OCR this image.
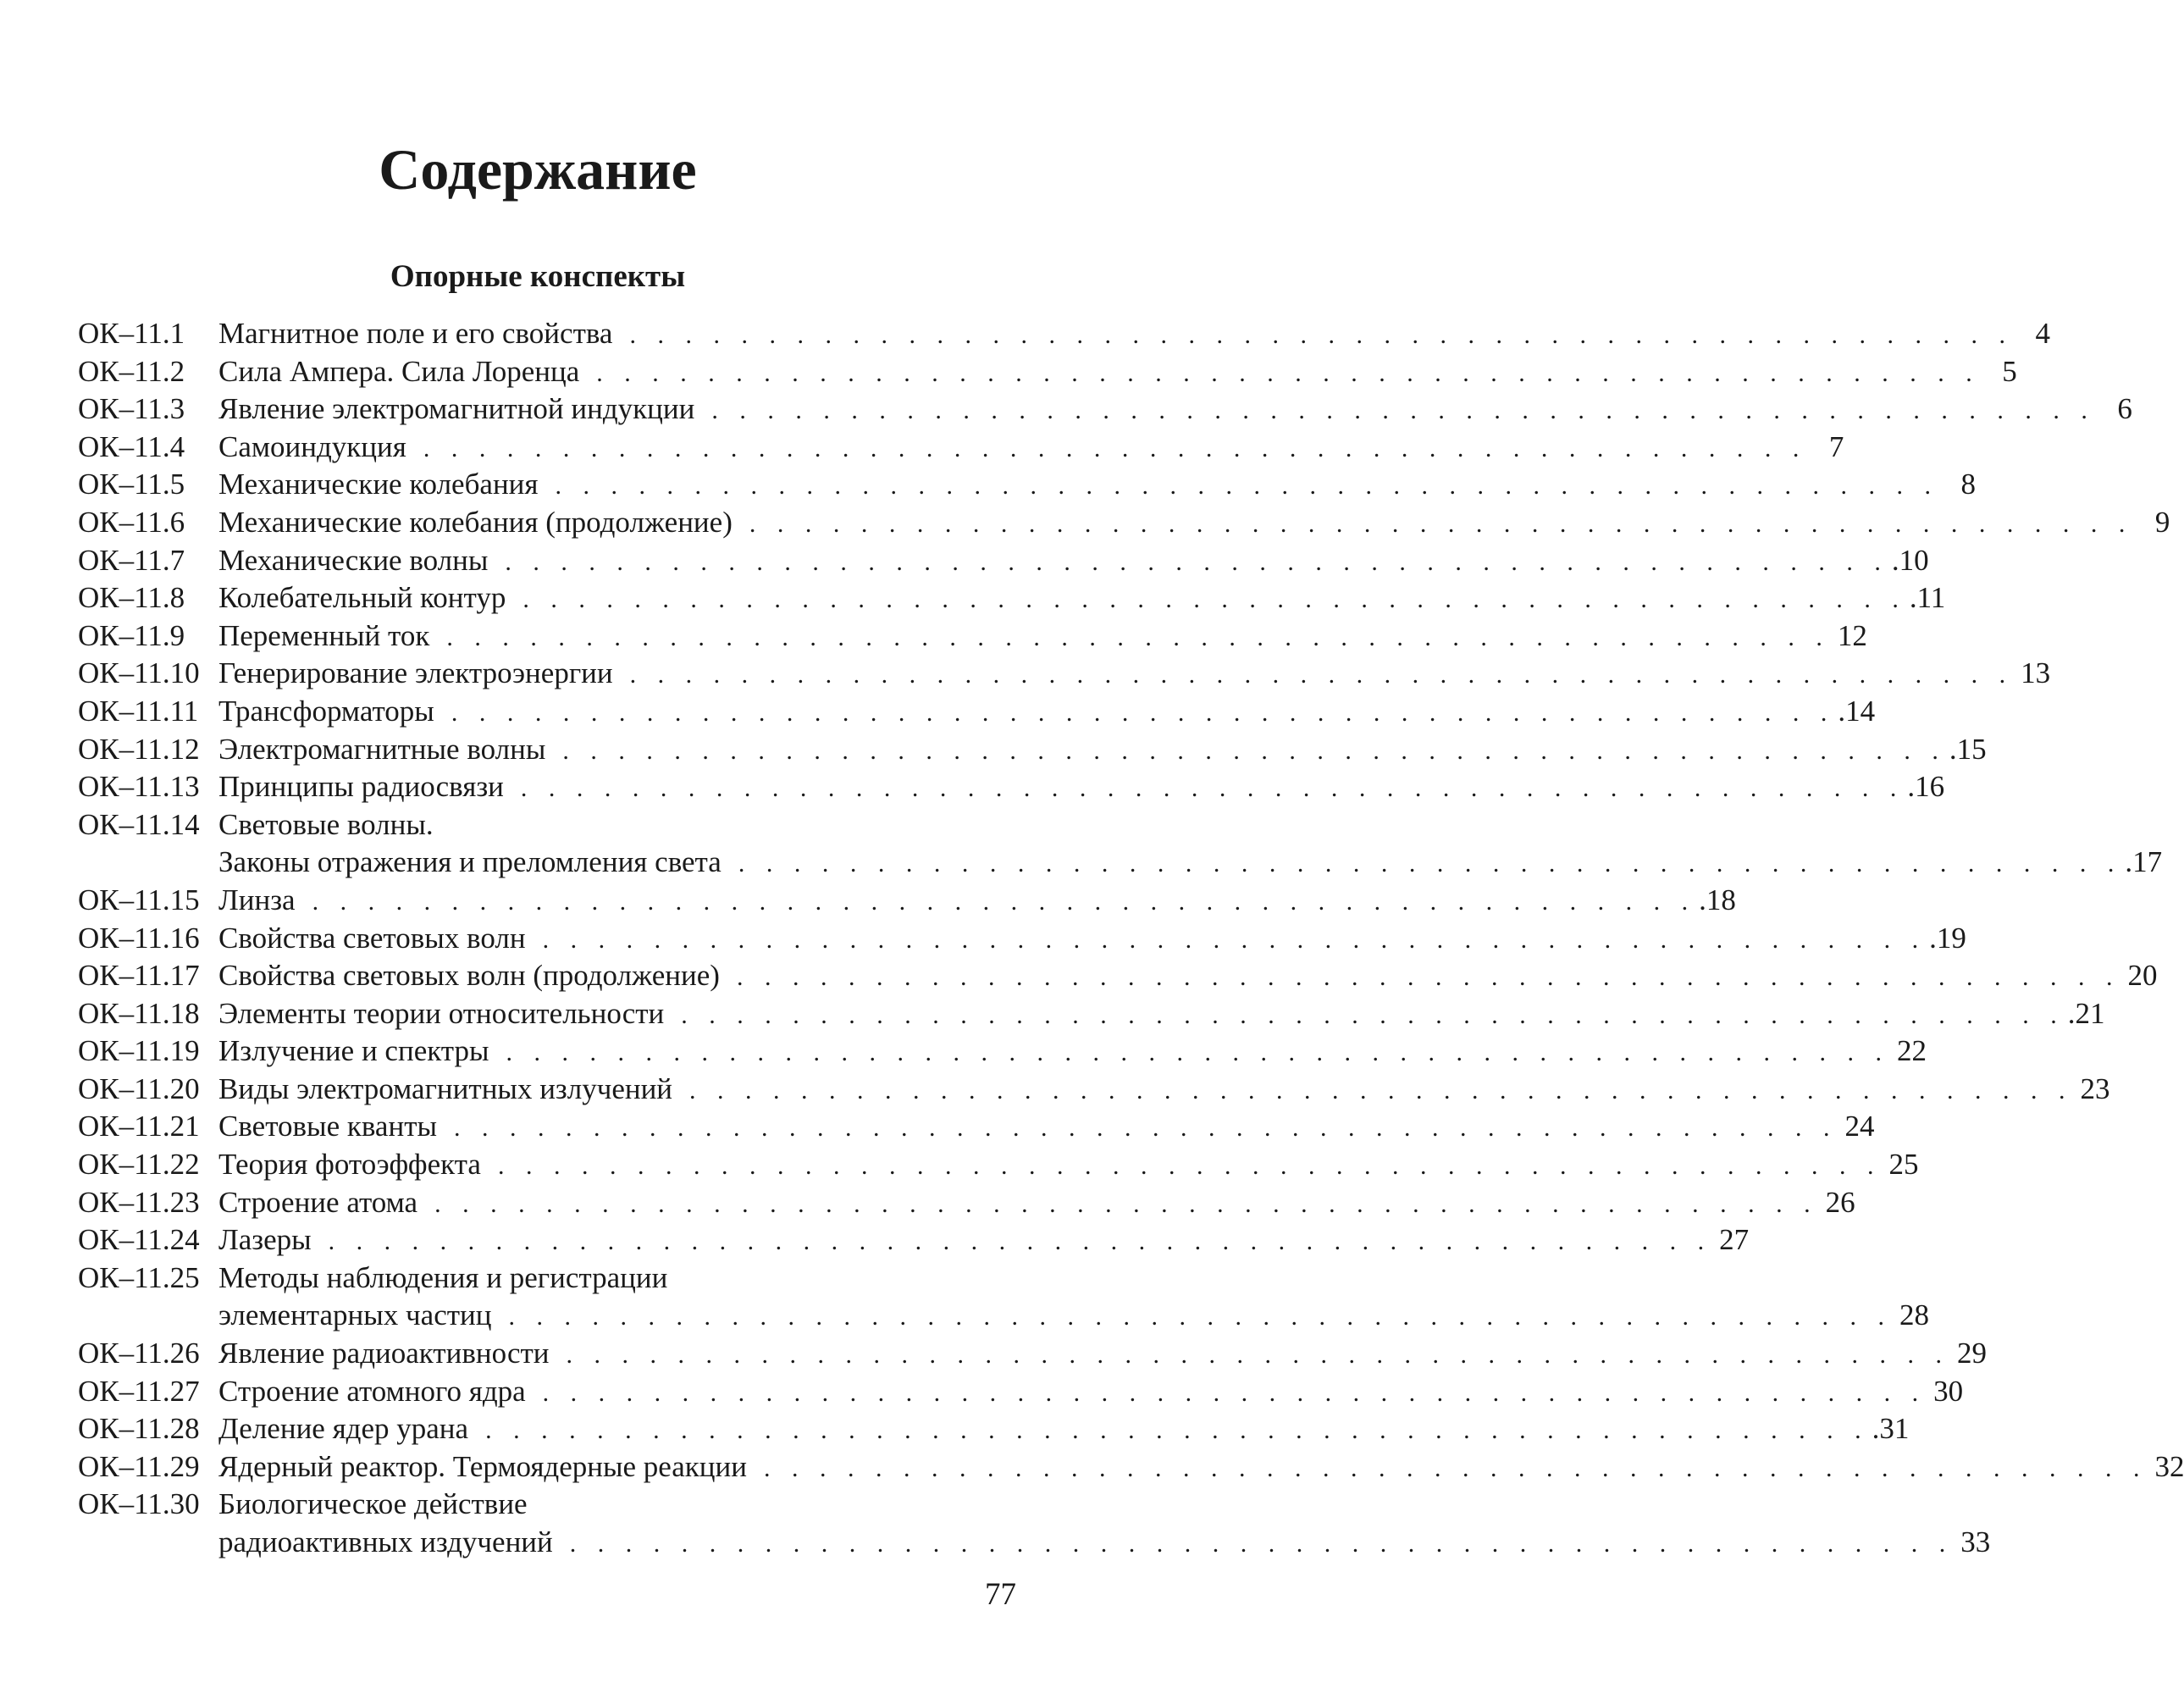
Содержание
Опорные конспекты
ОК–11.1	Магнитное поле и его свойства . . . . . . . . . . . . . . . . . . . . . . . . . . . . . . . . . . . . . . . . . . . . . . . . . . 4
ОК–11.2	Сила Ампера. Сила Лоренца . . . . . . . . . . . . . . . . . . . . . . . . . . . . . . . . . . . . . . . . . . . . . . . . . . 5
ОК–11.3	Явление электромагнитной индукции . . . . . . . . . . . . . . . . . . . . . . . . . . . . . . . . . . . . . . . . . . . . . . . . . . 6
ОК–11.4	Самоиндукция . . . . . . . . . . . . . . . . . . . . . . . . . . . . . . . . . . . . . . . . . . . . . . . . . . 7
ОК–11.5	Механические колебания . . . . . . . . . . . . . . . . . . . . . . . . . . . . . . . . . . . . . . . . . . . . . . . . . . 8
ОК–11.6	Механические колебания (продолжение) . . . . . . . . . . . . . . . . . . . . . . . . . . . . . . . . . . . . . . . . . . . . . . . . . . 9
ОК–11.7	Механические волны . . . . . . . . . . . . . . . . . . . . . . . . . . . . . . . . . . . . . . . . . . . . . . . . . . .10
ОК–11.8	Колебательный контур . . . . . . . . . . . . . . . . . . . . . . . . . . . . . . . . . . . . . . . . . . . . . . . . . . .11
ОК–11.9	Переменный ток . . . . . . . . . . . . . . . . . . . . . . . . . . . . . . . . . . . . . . . . . . . . . . . . . . 12
ОК–11.10 Генерирование электроэнергии . . . . . . . . . . . . . . . . . . . . . . . . . . . . . . . . . . . . . . . . . . . . . . . . . . 13
ОК–11.11 Трансформаторы . . . . . . . . . . . . . . . . . . . . . . . . . . . . . . . . . . . . . . . . . . . . . . . . . . .14
ОК–11.12 Электромагнитные волны . . . . . . . . . . . . . . . . . . . . . . . . . . . . . . . . . . . . . . . . . . . . . . . . . . .15
ОК–11.13 Принципы радиосвязи . . . . . . . . . . . . . . . . . . . . . . . . . . . . . . . . . . . . . . . . . . . . . . . . . . .16
ОК–11.14 Световые волны.
Законы отражения и преломления света . . . . . . . . . . . . . . . . . . . . . . . . . . . . . . . . . . . . . . . . . . . . . . . . . . .17
ОК–11.15 Линза . . . . . . . . . . . . . . . . . . . . . . . . . . . . . . . . . . . . . . . . . . . . . . . . . . .18
ОК–11.16 Свойства световых волн . . . . . . . . . . . . . . . . . . . . . . . . . . . . . . . . . . . . . . . . . . . . . . . . . . .19
ОК–11.17 Свойства световых волн (продолжение) . . . . . . . . . . . . . . . . . . . . . . . . . . . . . . . . . . . . . . . . . . . . . . . . . . 20
ОК–11.18 Элементы теории относительности . . . . . . . . . . . . . . . . . . . . . . . . . . . . . . . . . . . . . . . . . . . . . . . . . . .21
ОК–11.19 Излучение и спектры . . . . . . . . . . . . . . . . . . . . . . . . . . . . . . . . . . . . . . . . . . . . . . . . . . 22
ОК–11.20 Виды электромагнитных излучений . . . . . . . . . . . . . . . . . . . . . . . . . . . . . . . . . . . . . . . . . . . . . . . . . . 23
ОК–11.21 Световые кванты . . . . . . . . . . . . . . . . . . . . . . . . . . . . . . . . . . . . . . . . . . . . . . . . . . 24
ОК–11.22 Теория фотоэффекта . . . . . . . . . . . . . . . . . . . . . . . . . . . . . . . . . . . . . . . . . . . . . . . . . . 25
ОК–11.23 Строение атома . . . . . . . . . . . . . . . . . . . . . . . . . . . . . . . . . . . . . . . . . . . . . . . . . . 26
ОК–11.24 Лазеры . . . . . . . . . . . . . . . . . . . . . . . . . . . . . . . . . . . . . . . . . . . . . . . . . . 27
ОК–11.25 Методы наблюдения и регистрации
элементарных частиц . . . . . . . . . . . . . . . . . . . . . . . . . . . . . . . . . . . . . . . . . . . . . . . . . . 28
ОК–11.26 Явление радиоактивности . . . . . . . . . . . . . . . . . . . . . . . . . . . . . . . . . . . . . . . . . . . . . . . . . . 29
ОК–11.27 Строение атомного ядра . . . . . . . . . . . . . . . . . . . . . . . . . . . . . . . . . . . . . . . . . . . . . . . . . . 30
ОК–11.28 Деление ядер урана . . . . . . . . . . . . . . . . . . . . . . . . . . . . . . . . . . . . . . . . . . . . . . . . . . .31
ОК–11.29 Ядерный реактор. Термоядерные реакции . . . . . . . . . . . . . . . . . . . . . . . . . . . . . . . . . . . . . . . . . . . . . . . . . . 32
ОК–11.30 Биологическое действие
радиоактивных издучений . . . . . . . . . . . . . . . . . . . . . . . . . . . . . . . . . . . . . . . . . . . . . . . . . . 33
77
